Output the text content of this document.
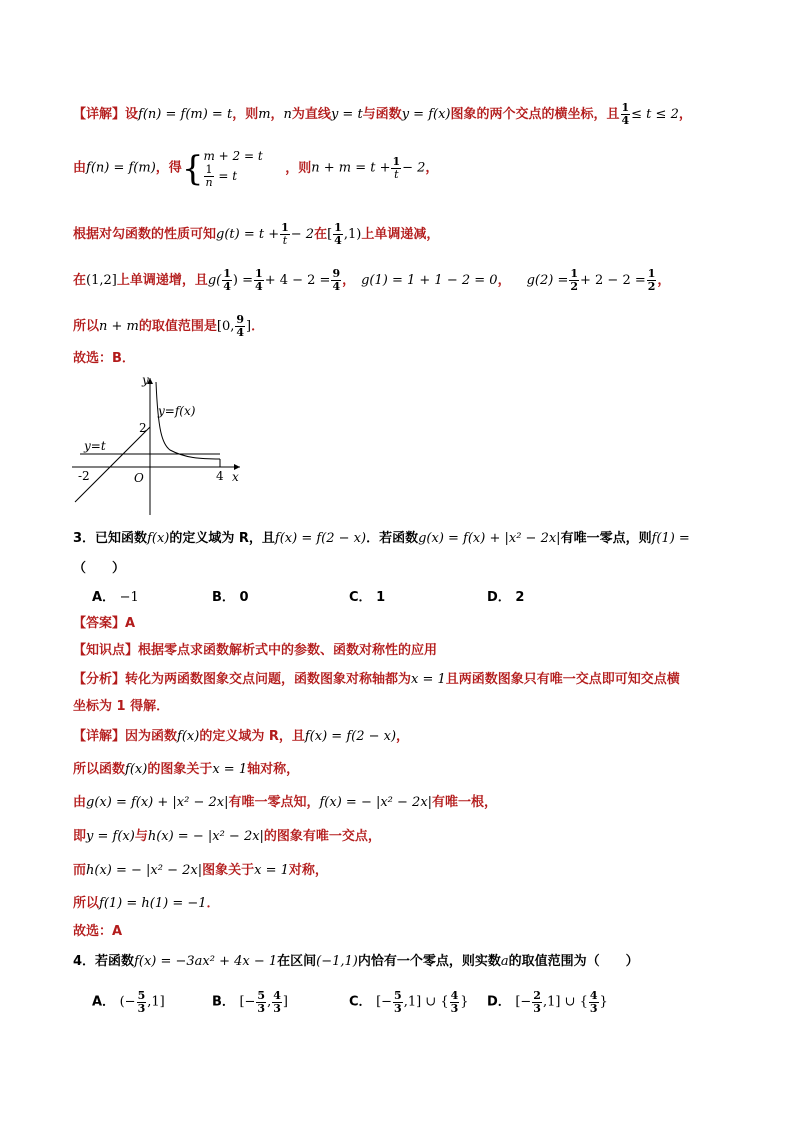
【详解】设f(n) = f(m) = t，则m，n为直线y = t与函数y = f(x)图象的两个交点的横坐标，且 $\frac{1}{4} \le t \le 2$，
由f(n) = f(m)，得{ m + 2 = t
$\frac{1}{n} = t$
，则$n + m = t + \frac{1}{t} - 2$，
根据对勾函数的性质可知$g(t) = t + \frac{1}{t} - 2$在[ $\frac{1}{4} ,1$)上单调递减，
在(1,2]上单调递增，且$g( \frac{1}{4}$ ) = $\frac{1}{4} + 4 - 2 = \frac{9}{4}$ ， g(1) = 1 + 1 − 2 = 0， $g(2) = \frac{1}{2} + 2 - 2 = \frac{1}{2}$ ，
所以n + m的取值范围是[0, $\frac{9}{4}$ ]．
故选：B．
y
x
y=f(x)
y=t
2
-2	O	4
3．已知函数f(x)的定义域为 R，且f(x) = f(2 − x)．若函数g(x) = f(x) + |x² − 2x|有唯一零点，则f(1) =
（　　）
A． −1	B． 0	C． 1	D． 2
【答案】A
【知识点】根据零点求函数解析式中的参数、函数对称性的应用
【分析】转化为两函数图象交点问题，函数图象对称轴都为x = 1且两函数图象只有唯一交点即可知交点横
坐标为 1 得解．
【详解】因为函数f(x)的定义域为 R，且f(x) = f(2 − x)，
所以函数f(x)的图象关于x = 1轴对称，
由g(x) = f(x) + |x² − 2x|有唯一零点知，f(x) = − |x² − 2x|有唯一根，
即y = f(x)与h(x) = − |x² − 2x|的图象有唯一交点，
而h(x) = − |x² − 2x|图象关于x = 1对称，
所以f(1) = h(1) = −1．
故选：A
4．若函数f(x) = −3ax² + 4x − 1在区间(−1,1)内恰有一个零点，则实数a的取值范围为（　　）
A． (− $\frac{5}{3} ,1$]	B． [− $\frac{5}{3}$ , $\frac{4}{3}$ ]	C． [− $\frac{5}{3} ,1$] ∪ { $\frac{4}{3}$ } D． [− $\frac{2}{3} ,1$] ∪ { $\frac{4}{3}$ }
